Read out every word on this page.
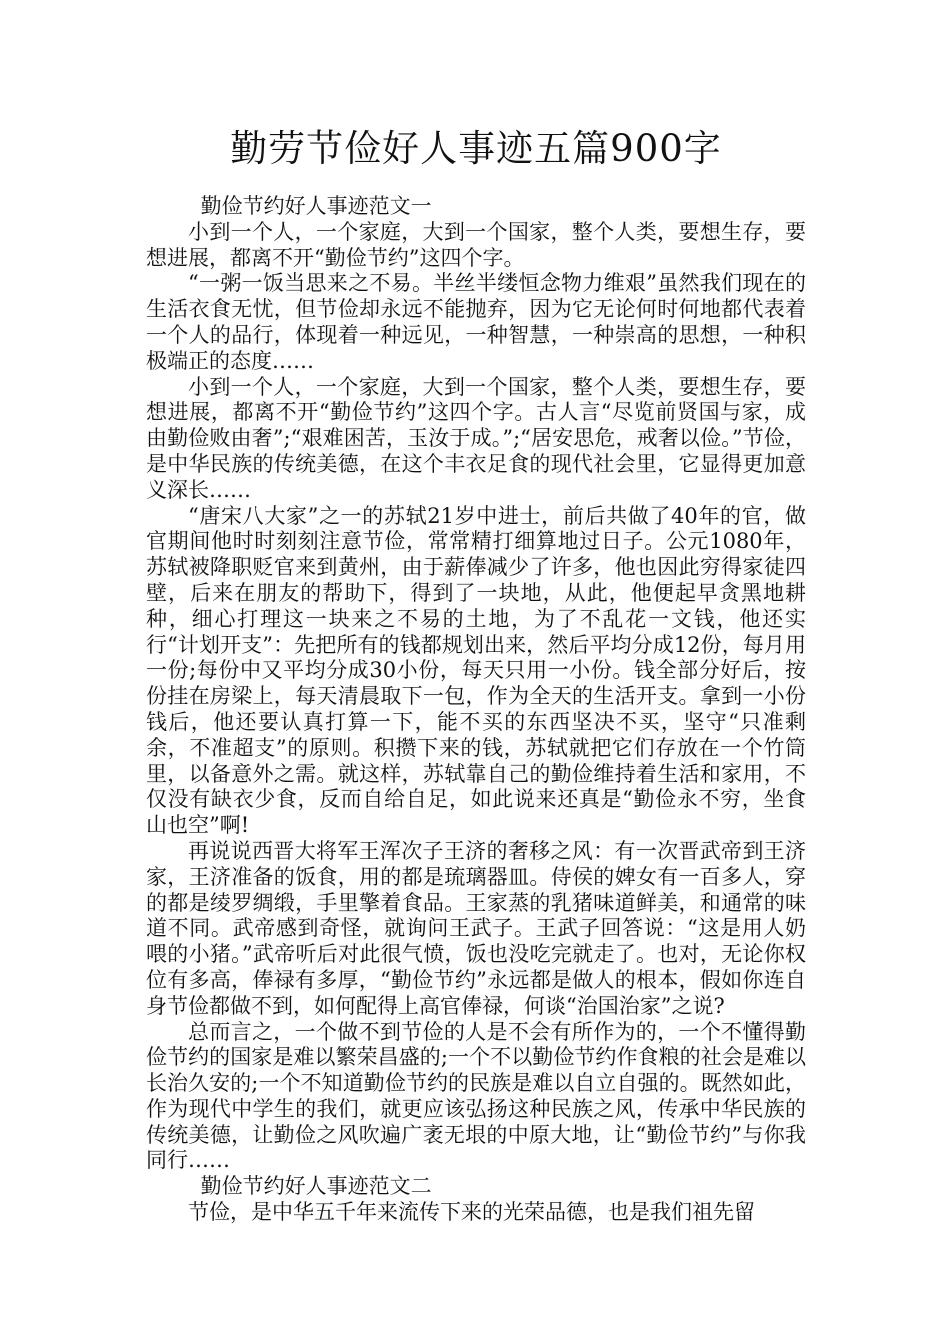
勤劳节俭好人事迹五篇900字

勤俭节约好人事迹范文一

小到一个人，一个家庭，大到一个国家，整个人类，要想生存，要想进展，都离不开“勤俭节约”这四个字。

“一粥一饭当思来之不易。半丝半缕恒念物力维艰”虽然我们现在的生活衣食无忧，但节俭却永远不能抛弃，因为它无论何时何地都代表着一个人的品行，体现着一种远见，一种智慧，一种崇高的思想，一种积极端正的态度……

小到一个人，一个家庭，大到一个国家，整个人类，要想生存，要想进展，都离不开“勤俭节约”这四个字。古人言“尽览前贤国与家，成由勤俭败由奢”;“艰难困苦，玉汝于成。”;“居安思危，戒奢以俭。”节俭，是中华民族的传统美德，在这个丰衣足食的现代社会里，它显得更加意义深长……

“唐宋八大家”之一的苏轼21岁中进士，前后共做了40年的官，做官期间他时时刻刻注意节俭，常常精打细算地过日子。公元1080年，苏轼被降职贬官来到黄州，由于薪俸减少了许多，他也因此穷得家徒四壁，后来在朋友的帮助下，得到了一块地，从此，他便起早贪黑地耕种，细心打理这一块来之不易的土地，为了不乱花一文钱，他还实行“计划开支”：先把所有的钱都规划出来，然后平均分成12份，每月用一份;每份中又平均分成30小份，每天只用一小份。钱全部分好后，按份挂在房梁上，每天清晨取下一包，作为全天的生活开支。拿到一小份钱后，他还要认真打算一下，能不买的东西坚决不买，坚守“只准剩余，不准超支”的原则。积攒下来的钱，苏轼就把它们存放在一个竹筒里，以备意外之需。就这样，苏轼靠自己的勤俭维持着生活和家用，不仅没有缺衣少食，反而自给自足，如此说来还真是“勤俭永不穷，坐食山也空”啊!

再说说西晋大将军王浑次子王济的奢移之风：有一次晋武帝到王济家，王济准备的饭食，用的都是琉璃器皿。侍侯的婢女有一百多人，穿的都是绫罗绸缎，手里擎着食品。王家蒸的乳猪味道鲜美，和通常的味道不同。武帝感到奇怪，就询问王武子。王武子回答说：“这是用人奶喂的小猪。”武帝听后对此很气愤，饭也没吃完就走了。也对，无论你权位有多高，俸禄有多厚，“勤俭节约”永远都是做人的根本，假如你连自身节俭都做不到，如何配得上高官俸禄，何谈“治国治家”之说?

总而言之，一个做不到节俭的人是不会有所作为的，一个不懂得勤俭节约的国家是难以繁荣昌盛的;一个不以勤俭节约作食粮的社会是难以长治久安的;一个不知道勤俭节约的民族是难以自立自强的。既然如此，作为现代中学生的我们，就更应该弘扬这种民族之风，传承中华民族的传统美德，让勤俭之风吹遍广袤无垠的中原大地，让“勤俭节约”与你我同行……

勤俭节约好人事迹范文二

节俭，是中华五千年来流传下来的光荣品德，也是我们祖先留
